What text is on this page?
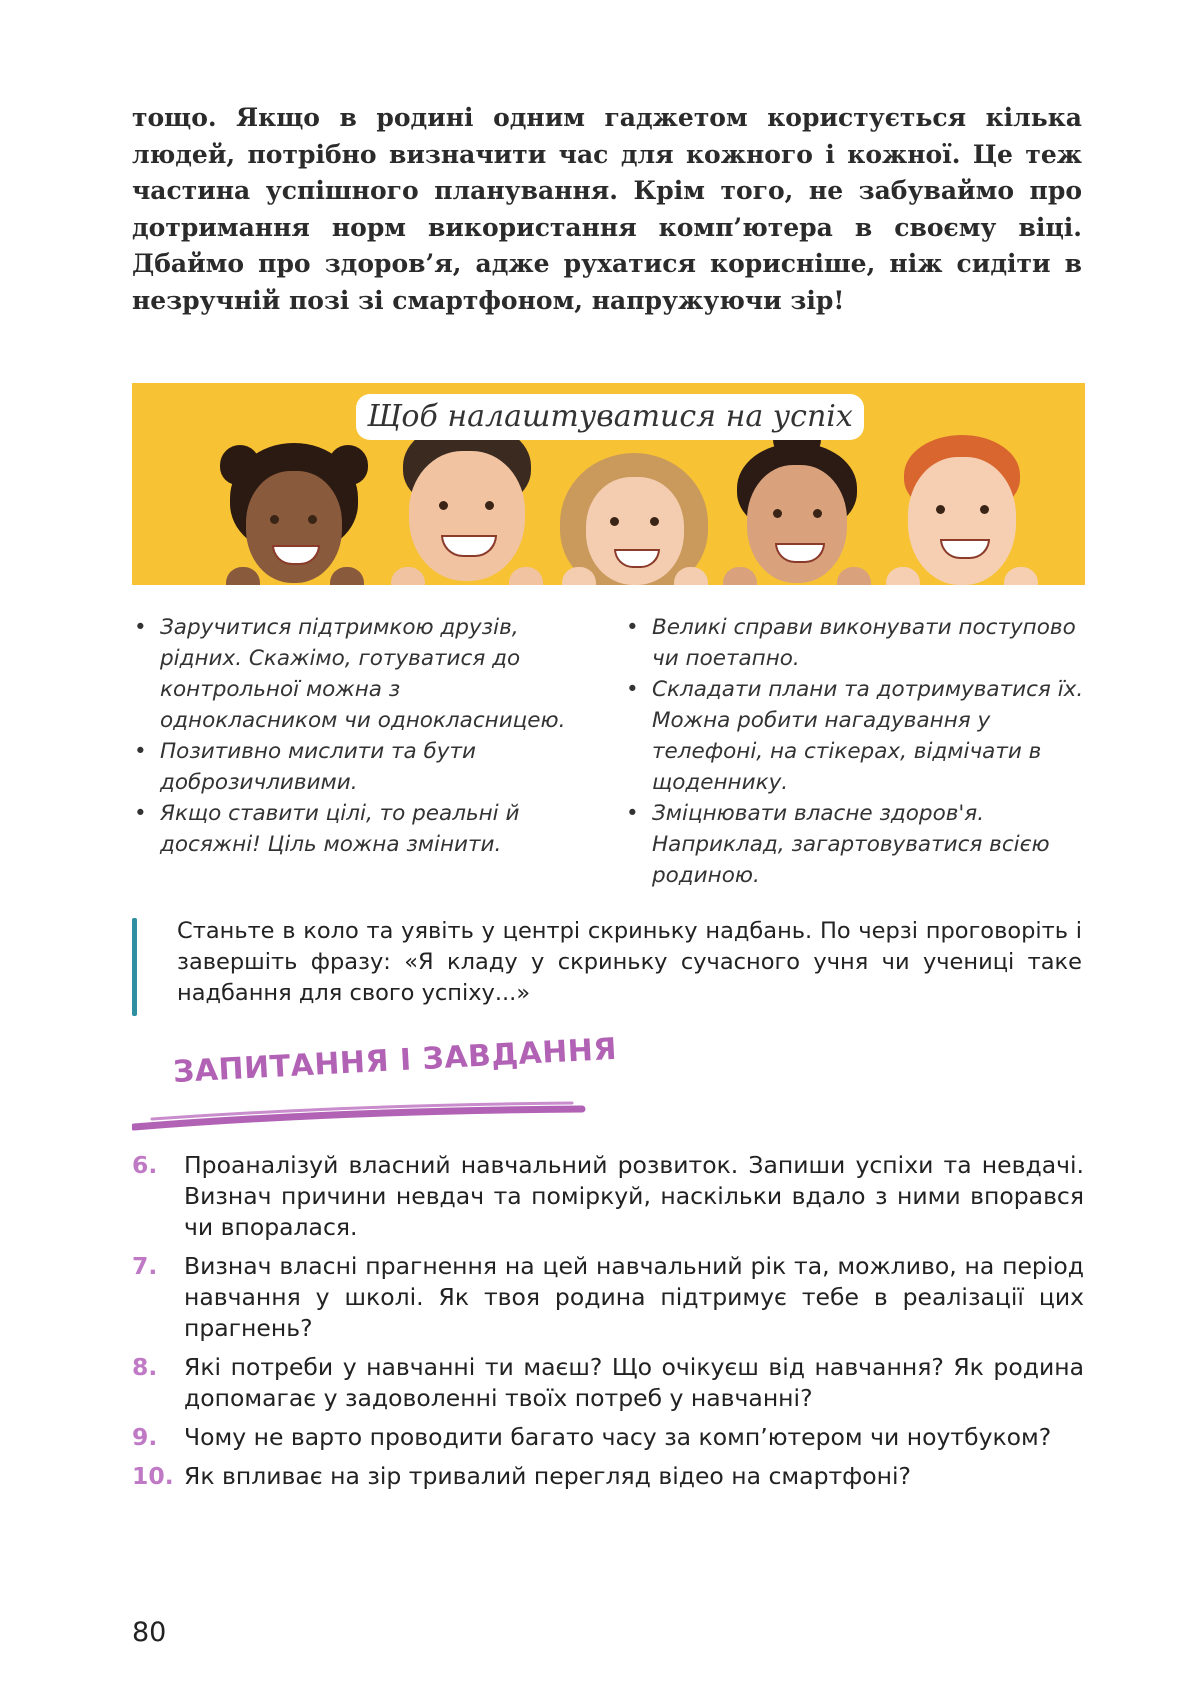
тощо. Якщо в родині одним гаджетом користується кілька людей, потрібно визначити час для кожного і кожної. Це теж частина успішного планування. Крім того, не забуваймо про дотримання норм використання комп’ютера в своєму віці. Дбаймо про здоров’я, адже рухатися корисніше, ніж сидіти в незручній позі зі смартфоном, напружуючи зір!

Щоб налаштуватися на успіх
• Заручитися підтримкою друзів, рідних. Скажімо, готуватися до контрольної можна з однокласником чи однокласницею.
• Позитивно мислити та бути доброзичливими.
• Якщо ставити цілі, то реальні й досяжні! Ціль можна змінити.
• Великі справи виконувати поступово чи поетапно.
• Складати плани та дотримуватися їх. Можна робити нагадування у телефоні, на стікерах, відмічати в щоденнику.
• Зміцнювати власне здоров'я. Наприклад, загартовуватися всією родиною.

Станьте в коло та уявіть у центрі скриньку надбань. По черзі проговоріть і завершіть фразу: «Я кладу у скриньку сучасного учня чи учениці таке надбання для свого успіху...»

ЗАПИТАННЯ І ЗАВДАННЯ
6. Проаналізуй власний навчальний розвиток. Запиши успіхи та невдачі. Визнач причини невдач та поміркуй, наскільки вдало з ними впорався чи впоралася.
7. Визнач власні прагнення на цей навчальний рік та, можливо, на період навчання у школі. Як твоя родина підтримує тебе в реалізації цих прагнень?
8. Які потреби у навчанні ти маєш? Що очікуєш від навчання? Як родина допомагає у задоволенні твоїх потреб у навчанні?
9. Чому не варто проводити багато часу за комп’ютером чи ноутбуком?
10. Як впливає на зір тривалий перегляд відео на смартфоні?
80
